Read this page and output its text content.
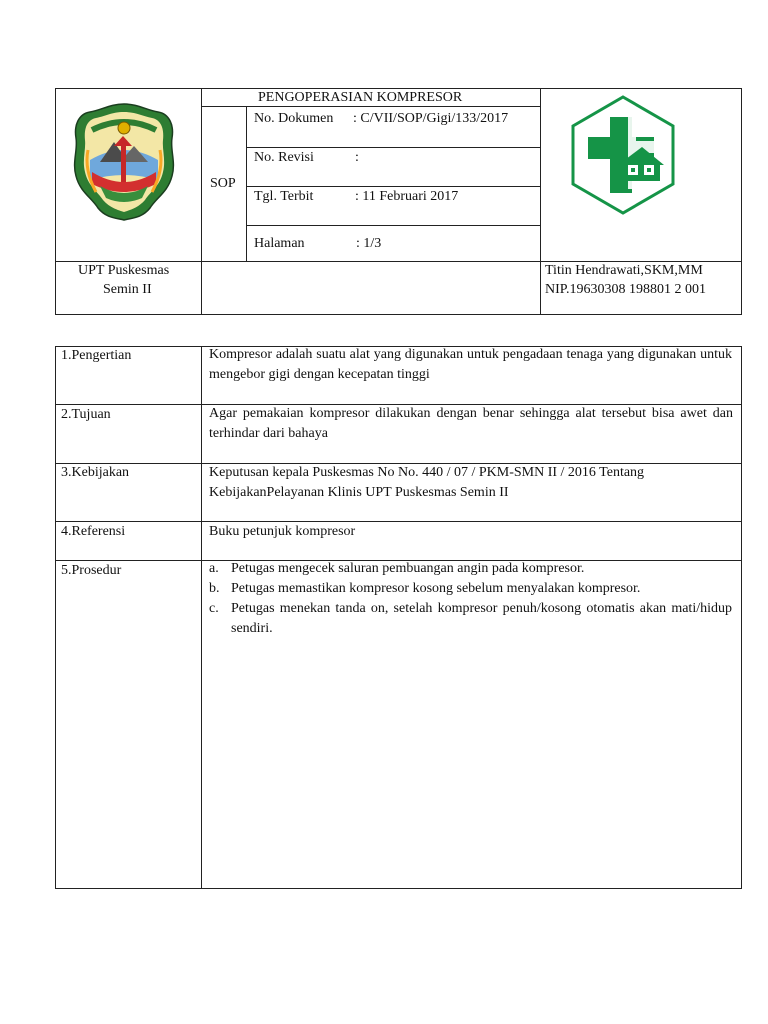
PENGOPERASIAN KOMPRESOR
SOP
No. Dokumen : C/VII/SOP/Gigi/133/2017
No. Revisi	:
Tgl. Terbit	: 11 Februari 2017
Halaman	: 1/3
UPT Puskesmas
Semin II
Titin Hendrawati,SKM,MM
NIP.19630308 198801 2 001
1.Pengertian	Kompresor adalah suatu alat yang digunakan untuk pengadaan tenaga yang digunakan untuk mengebor gigi dengan kecepatan tinggi
2.Tujuan	Agar pemakaian kompresor dilakukan dengan benar sehingga alat tersebut bisa awet dan terhindar dari bahaya
3.Kebijakan	Keputusan kepala Puskesmas No No. 440 / 07 / PKM-SMN II / 2016 Tentang
KebijakanPelayanan Klinis UPT Puskesmas Semin II
4.Referensi	Buku petunjuk kompresor
5.Prosedur	a. Petugas mengecek saluran pembuangan angin pada kompresor.
b. Petugas memastikan kompresor kosong sebelum menyalakan kompresor.
c. Petugas menekan tanda on, setelah kompresor penuh/kosong otomatis akan mati/hidup sendiri.
